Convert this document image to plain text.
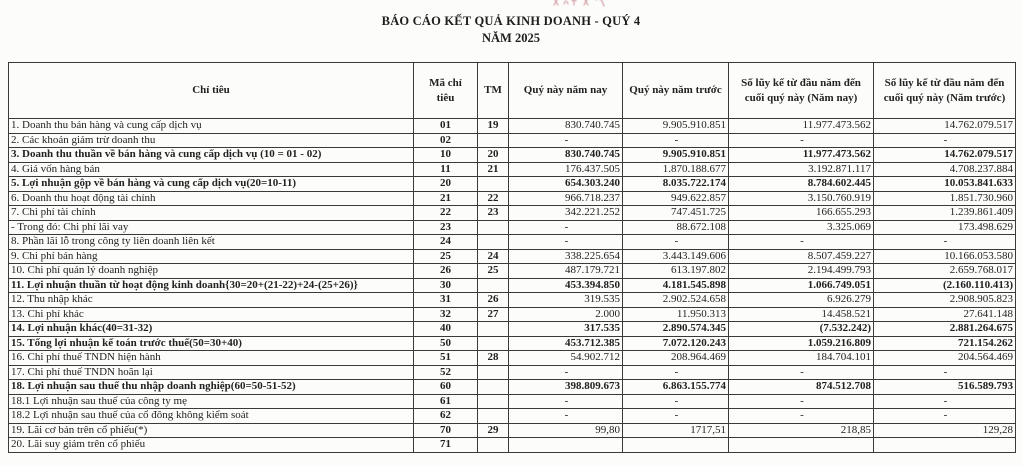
BÁO CÁO KẾT QUẢ KINH DOANH - QUÝ 4
NĂM 2025
Chỉ tiêu	Mã chỉ tiêu	TM	Quý này năm nay	Quý này năm trước	Số lũy kế từ đầu năm đến cuối quý này (Năm nay)	Số lũy kế từ đầu năm đến cuối quý này (Năm trước)
1. Doanh thu bán hàng và cung cấp dịch vụ	01	19	830.740.745	9.905.910.851	11.977.473.562	14.762.079.517
2. Các khoản giảm trừ doanh thu	02		-	-	-	-
3. Doanh thu thuần về bán hàng và cung cấp dịch vụ (10 = 01 - 02)	10	20	830.740.745	9.905.910.851	11.977.473.562	14.762.079.517
4. Giá vốn hàng bán	11	21	176.437.505	1.870.188.677	3.192.871.117	4.708.237.884
5. Lợi nhuận gộp về bán hàng và cung cấp dịch vụ(20=10-11)	20		654.303.240	8.035.722.174	8.784.602.445	10.053.841.633
6. Doanh thu hoạt động tài chính	21	22	966.718.237	949.622.857	3.150.760.919	1.851.730.960
7. Chi phí tài chính	22	23	342.221.252	747.451.725	166.655.293	1.239.861.409
- Trong đó: Chi phí lãi vay	23		-	88.672.108	3.325.069	173.498.629
8. Phần lãi lỗ trong công ty liên doanh liên kết	24		-	-	-	-
9. Chi phí bán hàng	25	24	338.225.654	3.443.149.606	8.507.459.227	10.166.053.580
10. Chi phí quản lý doanh nghiệp	26	25	487.179.721	613.197.802	2.194.499.793	2.659.768.017
11. Lợi nhuận thuần từ hoạt động kinh doanh{30=20+(21-22)+24-(25+26)}	30		453.394.850	4.181.545.898	1.066.749.051	(2.160.110.413)
12. Thu nhập khác	31	26	319.535	2.902.524.658	6.926.279	2.908.905.823
13. Chi phí khác	32	27	2.000	11.950.313	14.458.521	27.641.148
14. Lợi nhuận khác(40=31-32)	40		317.535	2.890.574.345	(7.532.242)	2.881.264.675
15. Tổng lợi nhuận kế toán trước thuế(50=30+40)	50		453.712.385	7.072.120.243	1.059.216.809	721.154.262
16. Chi phí thuế TNDN hiện hành	51	28	54.902.712	208.964.469	184.704.101	204.564.469
17. Chi phí thuế TNDN hoãn lại	52		-	-	-	-
18. Lợi nhuận sau thuế thu nhập doanh nghiệp(60=50-51-52)	60		398.809.673	6.863.155.774	874.512.708	516.589.793
18.1 Lợi nhuận sau thuế của công ty mẹ	61		-	-	-	-
18.2 Lợi nhuận sau thuế của cổ đông không kiểm soát	62		-	-	-	-
19. Lãi cơ bản trên cổ phiếu(*)	70	29	99,80	1717,51	218,85	129,28
20. Lãi suy giảm trên cổ phiếu	71					
